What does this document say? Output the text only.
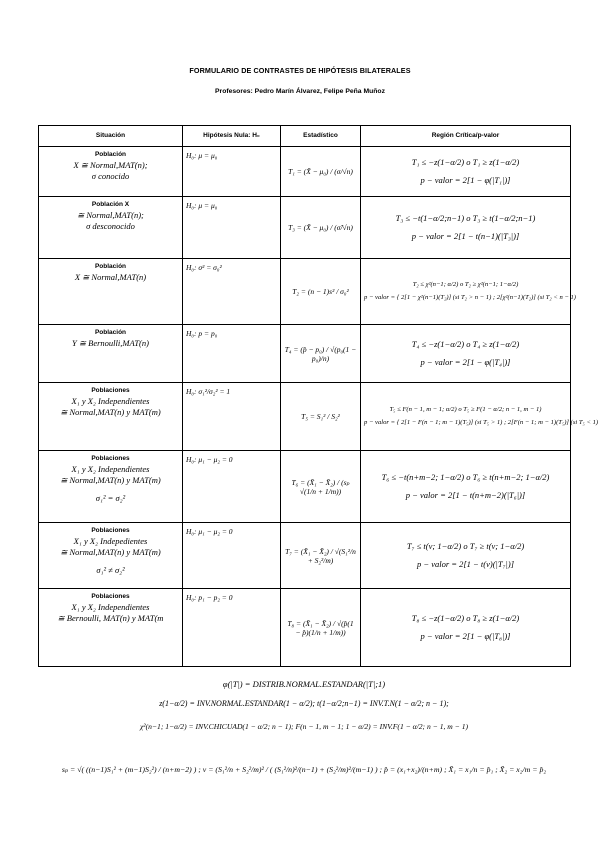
FORMULARIO DE CONTRASTES DE HIPÓTESIS BILATERALES
Profesores: Pedro Marín Álvarez, Felipe Peña Muñoz
Situación	Hipótesis Nula: H₀	Estadístico	Región Crítica/p-valor

Población
X ≅ Normal,MAT(n);
σ conocido	H₀: μ = μ₀	T₁ = (X̄ − μ₀) / (σ/√n)	T₁ ≤ −z(1−α/2) o T₁ ≥ z(1−α/2)
p − valor = 2[1 − φ(|T₁|)]

Población X
≅ Normal,MAT(n);
σ desconocido	H₀: μ = μ₀	T₃ = (X̄ − μ₀) / (σ̂/√n)	T₃ ≤ −t(1−α/2;n−1) o T₃ ≥ t(1−α/2;n−1)
p − valor = 2[1 − t(n−1)(|T₃|)]

Población
X ≅ Normal,MAT(n)	H₀: σ² = σ₀²	T₂ = (n − 1)s² / σ₀²	T₂ ≤ χ²(n−1; α/2) o T₂ ≥ χ²(n−1; 1−α/2)
p − valor = { 2[1 − χ²(n−1)(T₂)] (si T₂ > n − 1) ; 2[χ²(n−1)(T₂)] (si T₂ < n − 1)

Población
Y ≅ Bernoulli,MAT(n)	H₀: p = p₀	T₄ = (p̂ − p₀) / √(p₀(1 − p₀)/n)	T₄ ≤ −z(1−α/2) o T₄ ≥ z(1−α/2)
p − valor = 2[1 − φ(|T₄|)]

Poblaciones
X₁ y X₂ Independientes
≅ Normal,MAT(n) y MAT(m)	H₀: σ₁²/σ₂² = 1	T₅ = S₁² / S₂²	T₅ ≤ F(n − 1, m − 1; α/2) o T₅ ≥ F(1 − α/2; n − 1, m − 1)
p − valor = { 2[1 − F(n − 1; m − 1)(T₅)] (si T₅ > 1) ; 2[F(n − 1; m − 1)(T₅)] (si T₅ < 1)

Poblaciones
X₁ y X₂ Independientes
≅ Normal,MAT(n) y MAT(m)
σ₁² = σ₂²	H₀: μ₁ − μ₂ = 0	T₆ = (X̄₁ − X̄₂) / (sₚ √(1/n + 1/m))	T₆ ≤ −t(n+m−2; 1−α/2) o T₆ ≥ t(n+m−2; 1−α/2)
p − valor = 2[1 − t(n+m−2)(|T₆|)]

Poblaciones
X₁ y X₂ Indepedientes
≅ Normal,MAT(n) y MAT(m)
σ₁² ≠ σ₂²	H₀: μ₁ − μ₂ = 0	T₇ = (X̄₁ − X̄₂) / √(S₁²/n + S₂²/m)	T₇ ≤ t(ν; 1−α/2) o T₇ ≥ t(ν; 1−α/2)
p − valor = 2[1 − t(ν)(|T₇|)]

Poblaciones
X₁ y X₂ Independientes
≅ Bernoulli, MAT(n) y MAT(m	H₀: p₁ − p₂ = 0	T₈ = (X̄₁ − X̄₂) / √(p̂(1 − p̂)(1/n + 1/m))	T₈ ≤ −z(1−α/2) o T₈ ≥ z(1−α/2)
p − valor = 2[1 − φ(|T₈|)]
φ(|T|) = DISTRIB.NORMAL.ESTANDAR(|T|;1)
z(1−α/2) = INV.NORMAL.ESTANDAR(1 − α/2); t(1−α/2;n−1) = INV.T.N(1 − α/2; n − 1);
χ²(n−1; 1−α/2) = INV.CHICUAD(1 − α/2; n − 1); F(n − 1, m − 1; 1 − α/2) = INV.F(1 − α/2; n − 1, m − 1)
sₚ = √( ((n−1)S₁² + (m−1)S₂²) / (n+m−2) ) ; ν = (S₁²/n + S₂²/m)² / ( (S₁²/n)²/(n−1) + (S₂²/m)²/(m−1) ) ; p̂ = (x₁+x₂)/(n+m) ; X̄₁ = x₁/n = p̂₁ ; X̄₂ = x₂/m = p̂₂
